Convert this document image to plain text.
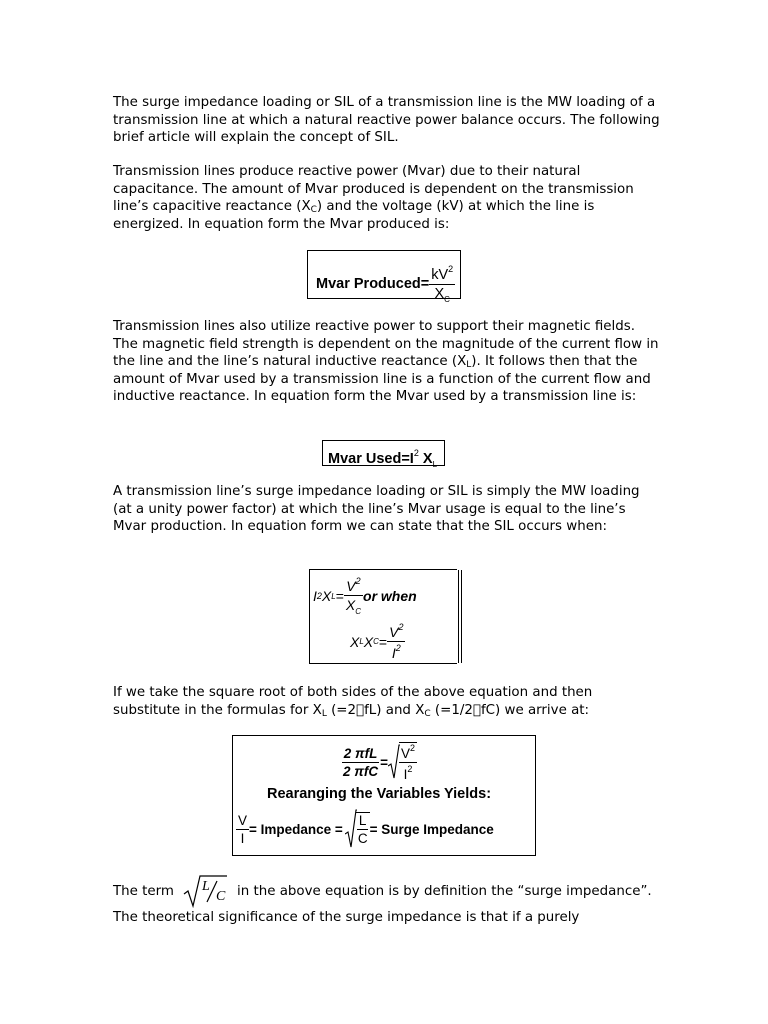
The surge impedance loading or SIL of a transmission line is the MW loading of a transmission line at which a natural reactive power balance occurs. The following brief article will explain the concept of SIL.

Transmission lines produce reactive power (Mvar) due to their natural capacitance. The amount of Mvar produced is dependent on the transmission line’s capacitive reactance $(X_C)$ and the voltage (kV) at which the line is energized. In equation form the Mvar produced is:

Mvar Produced= $\frac{kV^2}{X_C}$

Transmission lines also utilize reactive power to support their magnetic fields. The magnetic field strength is dependent on the magnitude of the current flow in the line and the line’s natural inductive reactance $(X_L)$. It follows then that the amount of Mvar used by a transmission line is a function of the current flow and inductive reactance. In equation form the Mvar used by a transmission line is:

Mvar $Used=I^2$ $X_L$

A transmission line’s surge impedance loading or SIL is simply the MW loading (at a unity power factor) at which the line’s Mvar usage is equal to the line’s Mvar production. In equation form we can state that the SIL occurs when:

I 2 X $L = \frac{V^2}{X_C}$ or when
X L X $C = \frac{V^2}{I^2}$

If we take the square root of both sides of the above equation and then substitute in the formulas for $X_L$ (=2 fL) and $X_C$ (=1/2 fC) we arrive at:

$\frac{\text{2 πfL}}{\text{2 πfC}} = \frac{V^2}{I^2}$
Rearanging the Variables Yields:
$\frac{V}{I}$ = Impedance = $\frac{L}{C}$ = Surge Impedance
The term L
C in the above equation is by definition the “surge impedance”.

The theoretical significance of the surge impedance is that if a purely
